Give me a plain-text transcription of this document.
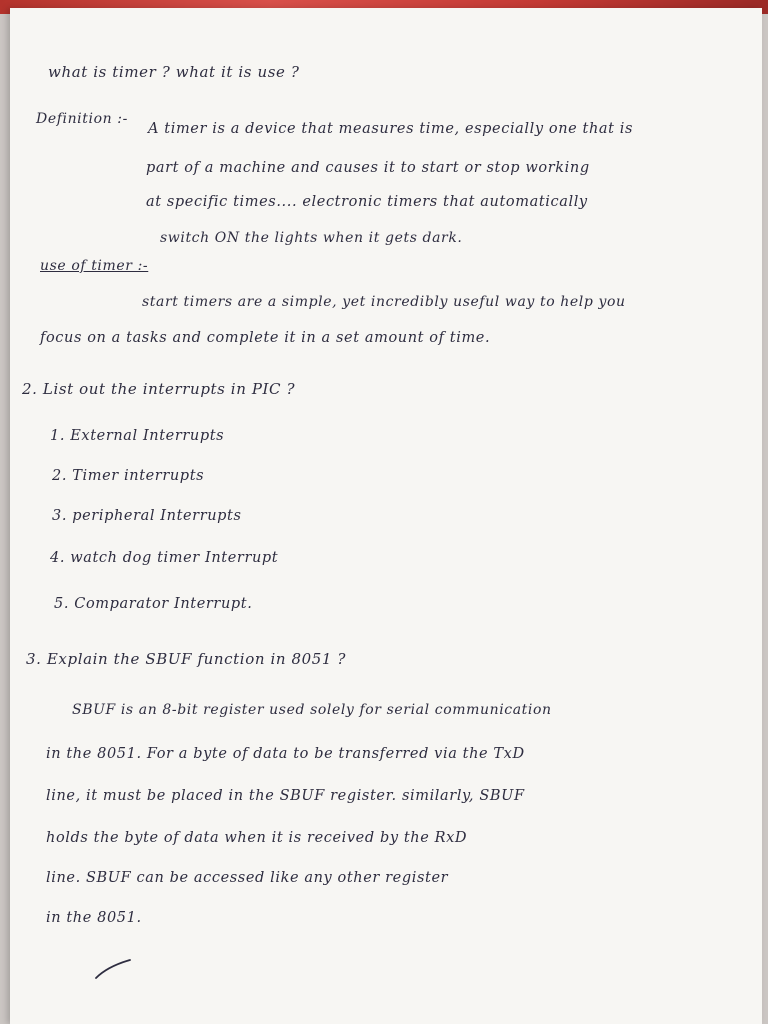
what is timer ? what it is use ?
Definition :-
A timer is a device that measures time, especially one that is
part of a machine and causes it to start or stop working
at specific times.... electronic timers that automatically
switch ON the lights when it gets dark.
use of timer :-
start timers are a simple, yet incredibly useful way to help you
focus on a tasks and complete it in a set amount of time.
2. List out the interrupts in PIC ?
1. External Interrupts
2. Timer interrupts
3. peripheral Interrupts
4. watch dog timer Interrupt
5. Comparator Interrupt.
3. Explain the SBUF function in 8051 ?
SBUF is an 8-bit register used solely for serial communication
in the 8051. For a byte of data to be transferred via the TxD
line, it must be placed in the SBUF register. similarly, SBUF
holds the byte of data when it is received by the RxD
line. SBUF can be accessed like any other register
in the 8051.
